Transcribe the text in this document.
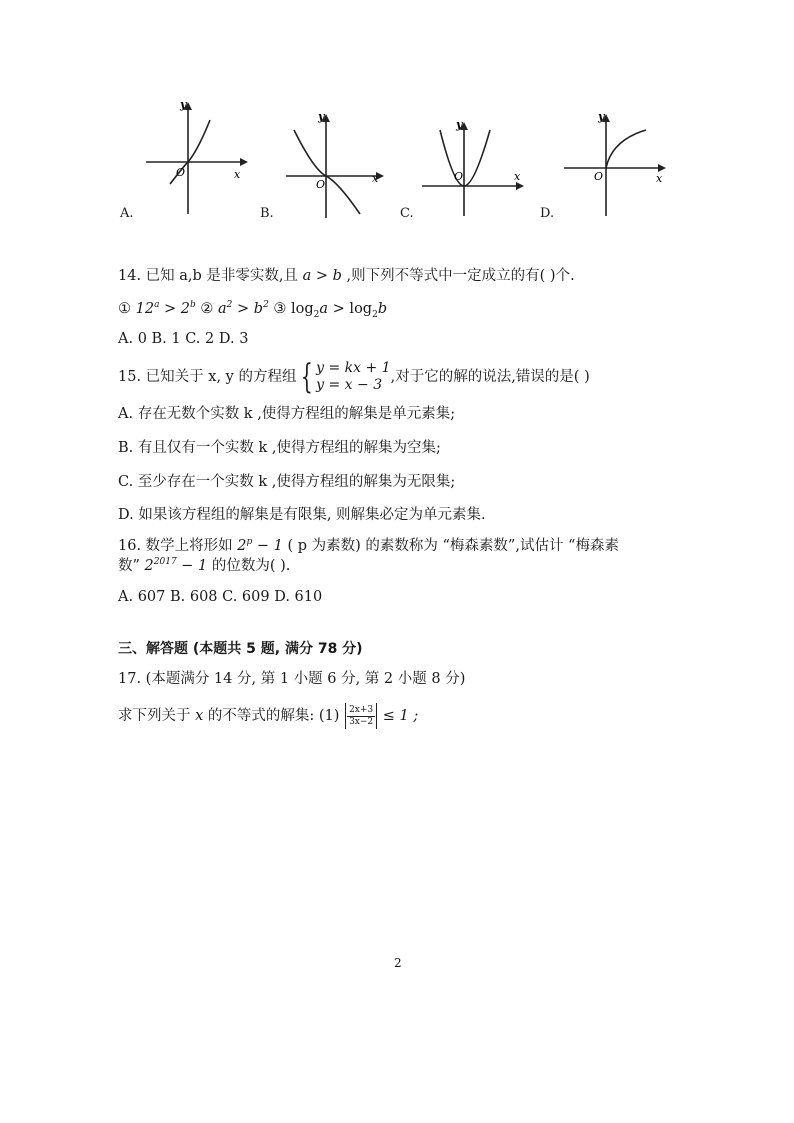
y
x
O
y
x
O
y
x
O
y
x
O
A.	B.	C.	D.
14. 已知 a,b 是非零实数,且 a > b ,则下列不等式中一定成立的有( )个.
① $12^a > 2^b$ ② $a^2 > b^2$ ③ $\log_2a > \log_2b$
A. 0 B. 1 C. 2 D. 3
15. 已知关于 x, y 的方程组 { y = kx + 1
y = x − 3 ,对于它的解的说法,错误的是( )
A. 存在无数个实数 k ,使得方程组的解集是单元素集;
B. 有且仅有一个实数 k ,使得方程组的解集为空集;
C. 至少存在一个实数 k ,使得方程组的解集为无限集;
D. 如果该方程组的解集是有限集, 则解集必定为单元素集.
16. 数学上将形如 $2^p - 1$ ( p 为素数) 的素数称为 “梅森素数”,试估计 “梅森素
数” $2^{2017} - 1$ 的位数为( ).
A. 607 B. 608 C. 609 D. 610
三、解答题 (本题共 5 题, 满分 78 分)
17. (本题满分 14 分, 第 1 小题 6 分, 第 2 小题 8 分)
求下列关于 x 的不等式的解集: $(1) \frac{2x+3}{3x-2} \le 1$ ;
2
